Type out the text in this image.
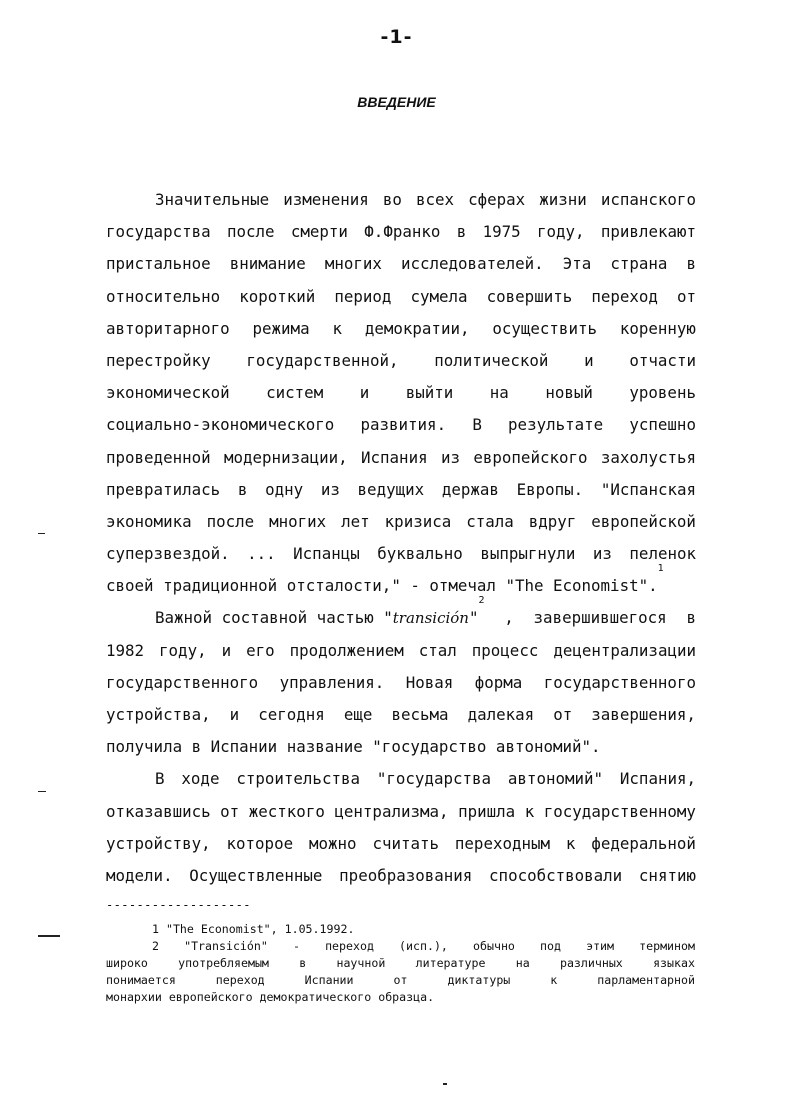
-1-
ВВЕДЕНИЕ
Значительные изменения во всех сферах жизни испанского
государства после смерти Ф.Франко в 1975 году, привлекают
пристальное внимание многих исследователей. Эта страна в
относительно короткий период сумела совершить переход от
авторитарного режима к демократии, осуществить коренную
перестройку государственной, политической и отчасти
экономической систем и выйти на новый уровень
социально-экономического развития. В результате успешно
проведенной модернизации, Испания из европейского захолустья
превратилась в одну из ведущих держав Европы. "Испанская
экономика после многих лет кризиса стала вдруг европейской
суперзвездой. ... Испанцы буквально выпрыгнули из пеленок
своей традиционной отсталости," - отмечал "The Economist".
$^1$
Важной составной частью " transición "
$^2$
, завершившегося в
1982 году, и его продолжением стал процесс децентрализации
государственного управления. Новая форма государственного
устройства, и сегодня еще весьма далекая от завершения,
получила в Испании название "государство автономий".
В ходе строительства "государства автономий" Испания,
отказавшись от жесткого централизма, пришла к государственному
устройству, которое можно считать переходным к федеральной
модели. Осуществленные преобразования способствовали снятию
-------------------
1 "The Economist", 1.05.1992.
2 "Transición" - переход (исп.), обычно под этим термином
широко	употребляемым	в	научной	литературе	на	различных	языках
понимается	переход	Испании	от	диктатуры	к	парламентарной
монархии европейского демократического образца.
